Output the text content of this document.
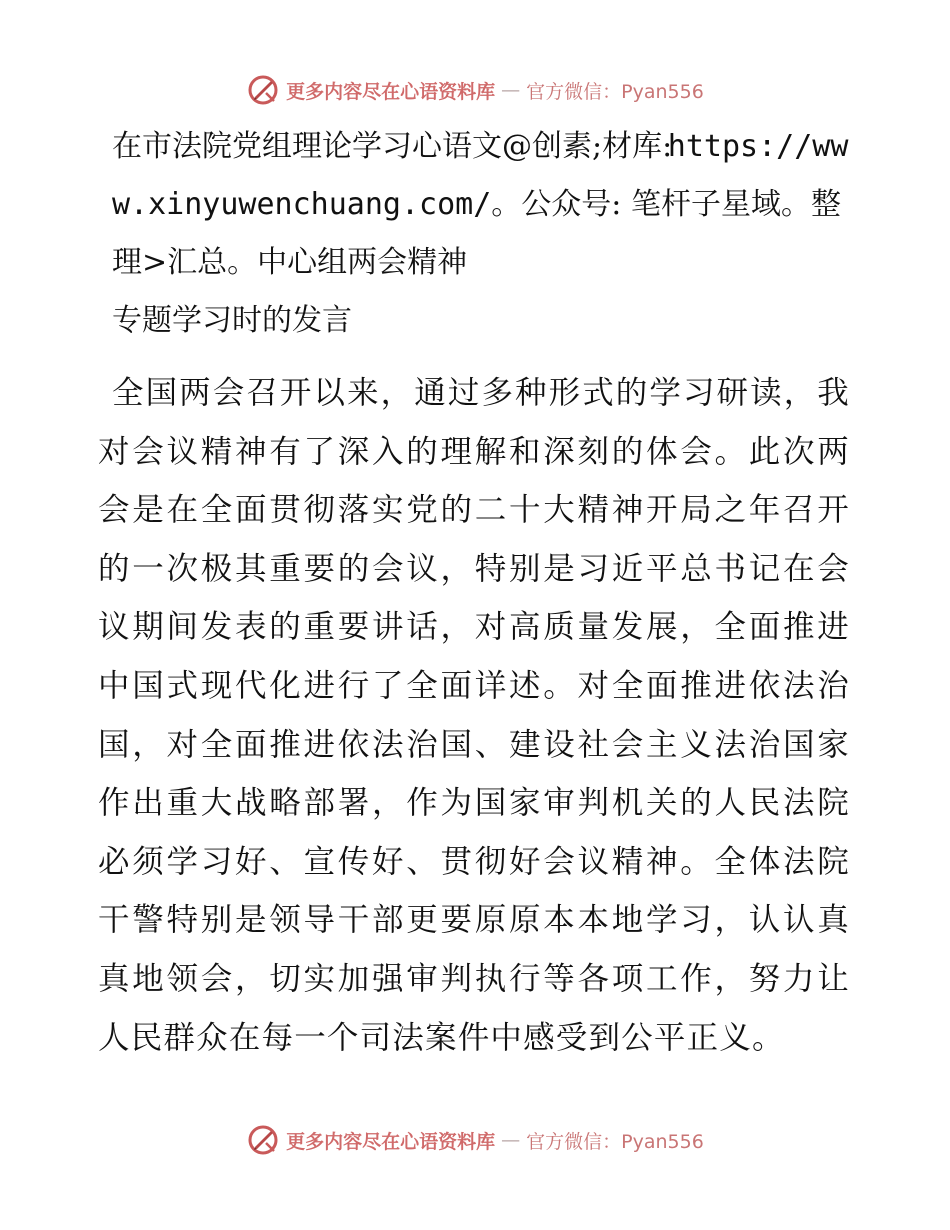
更多内容尽在心语资料库 — 官方微信：Pyan556

在市法院党组理论学习心语文@创素;材库: https://www.xinyuwenchuang.com/。公众号: 笔杆子星域。整理>汇总。中心组两会精神

专题学习时的发言

全国两会召开以来，通过多种形式的学习研读，我对会议精神有了深入的理解和深刻的体会。此次两会是在全面贯彻落实党的二十大精神开局之年召开的一次极其重要的会议，特别是习近平总书记在会议期间发表的重要讲话，对高质量发展，全面推进中国式现代化进行了全面详述。对全面推进依法治国，对全面推进依法治国、建设社会主义法治国家作出重大战略部署，作为国家审判机关的人民法院必须学习好、宣传好、贯彻好会议精神。全体法院干警特别是领导干部更要原原本本地学习，认认真真地领会，切实加强审判执行等各项工作，努力让人民群众在每一个司法案件中感受到公平正义。

更多内容尽在心语资料库 — 官方微信：Pyan556
